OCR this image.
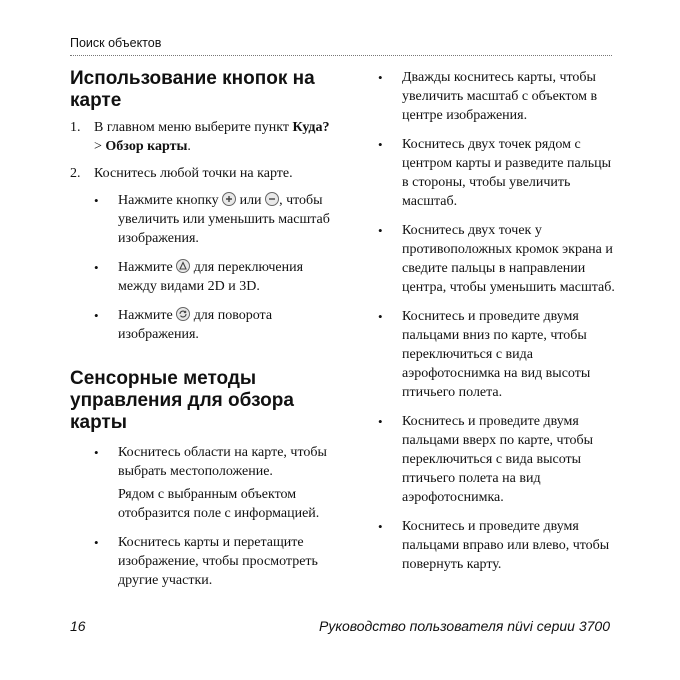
Поиск объектов
Использование кнопок на карте
1. В главном меню выберите пункт Куда? > Обзор карты.
2. Коснитесь любой точки на карте.
• Нажмите кнопку
или
, чтобы увеличить или уменьшить масштаб изображения.
• Нажмите
для переключения между видами 2D и 3D.
• Нажмите
для поворота изображения.
Сенсорные методы управления для обзора карты
• Коснитесь области на карте, чтобы выбрать местоположение.

Рядом с выбранным объектом отобразится поле с информацией.

• Коснитесь карты и перетащите изображение, чтобы просмотреть другие участки.
• Дважды коснитесь карты, чтобы увеличить масштаб с объектом в центре изображения.
• Коснитесь двух точек рядом с центром карты и разведите пальцы в стороны, чтобы увеличить масштаб.
• Коснитесь двух точек у противоположных кромок экрана и сведите пальцы в направлении центра, чтобы уменьшить масштаб.
• Коснитесь и проведите двумя пальцами вниз по карте, чтобы переключиться с вида аэрофотоснимка на вид высоты птичьего полета.
• Коснитесь и проведите двумя пальцами вверх по карте, чтобы переключиться с вида высоты птичьего полета на вид аэрофотоснимка.
• Коснитесь и проведите двумя пальцами вправо или влево, чтобы повернуть карту.
16	Руководство пользователя nüvi серии 3700
